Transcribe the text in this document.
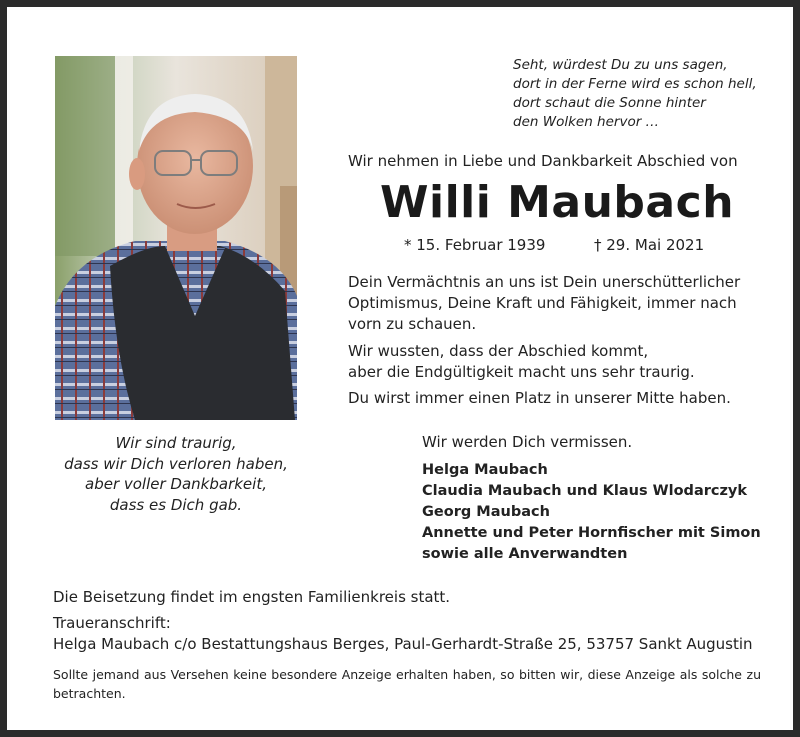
Seht, würdest Du zu uns sagen,
dort in der Ferne wird es schon hell,
dort schaut die Sonne hinter
den Wolken hervor …
Wir nehmen in Liebe und Dankbarkeit Abschied von
Willi Maubach
* 15. Februar 1939	† 29. Mai 2021
Dein Vermächtnis an uns ist Dein unerschütterlicher
Optimismus, Deine Kraft und Fähigkeit, immer nach
vorn zu schauen.
Wir wussten, dass der Abschied kommt,
aber die Endgültigkeit macht uns sehr traurig.
Du wirst immer einen Platz in unserer Mitte haben.
Wir sind traurig,
dass wir Dich verloren haben,
aber voller Dankbarkeit,
dass es Dich gab.
Wir werden Dich vermissen.
Helga Maubach
Claudia Maubach und Klaus Wlodarczyk
Georg Maubach
Annette und Peter Hornfischer mit Simon
sowie alle Anverwandten
Die Beisetzung findet im engsten Familienkreis statt.
Traueranschrift:
Helga Maubach c/o Bestattungshaus Berges, Paul-Gerhardt-Straße 25, 53757 Sankt Augustin
Sollte jemand aus Versehen keine besondere Anzeige erhalten haben, so bitten wir, diese Anzeige als solche zu betrachten.
